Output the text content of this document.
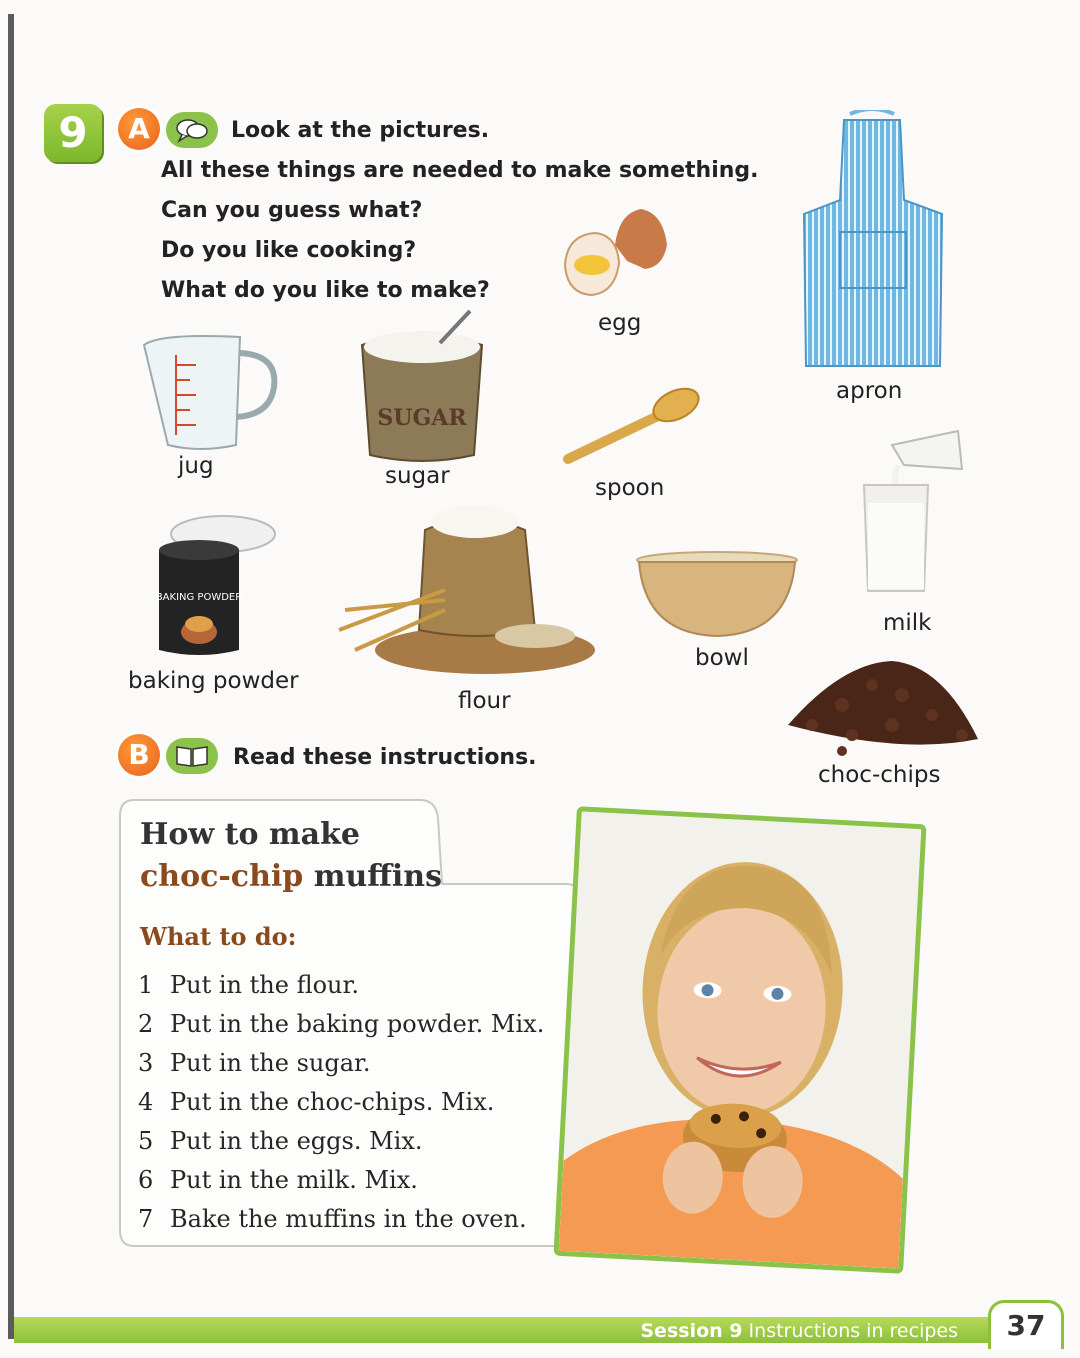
9	A	Look at the pictures.
All these things are needed to make something.
Can you guess what?
Do you like cooking?
What do you like to make?
egg
apron
jug
SUGAR
sugar	spoon
milk
BAKING POWDER
baking powder
flour
bowl
choc-chips
B	Read these instructions.
How to make
choc-chip muffins
What to do:
1 Put in the flour.
2 Put in the baking powder. Mix.
3 Put in the sugar.
4 Put in the choc-chips. Mix.
5 Put in the eggs. Mix.
6 Put in the milk. Mix.
7 Bake the muffins in the oven.
Session 9 Instructions in recipes	37
